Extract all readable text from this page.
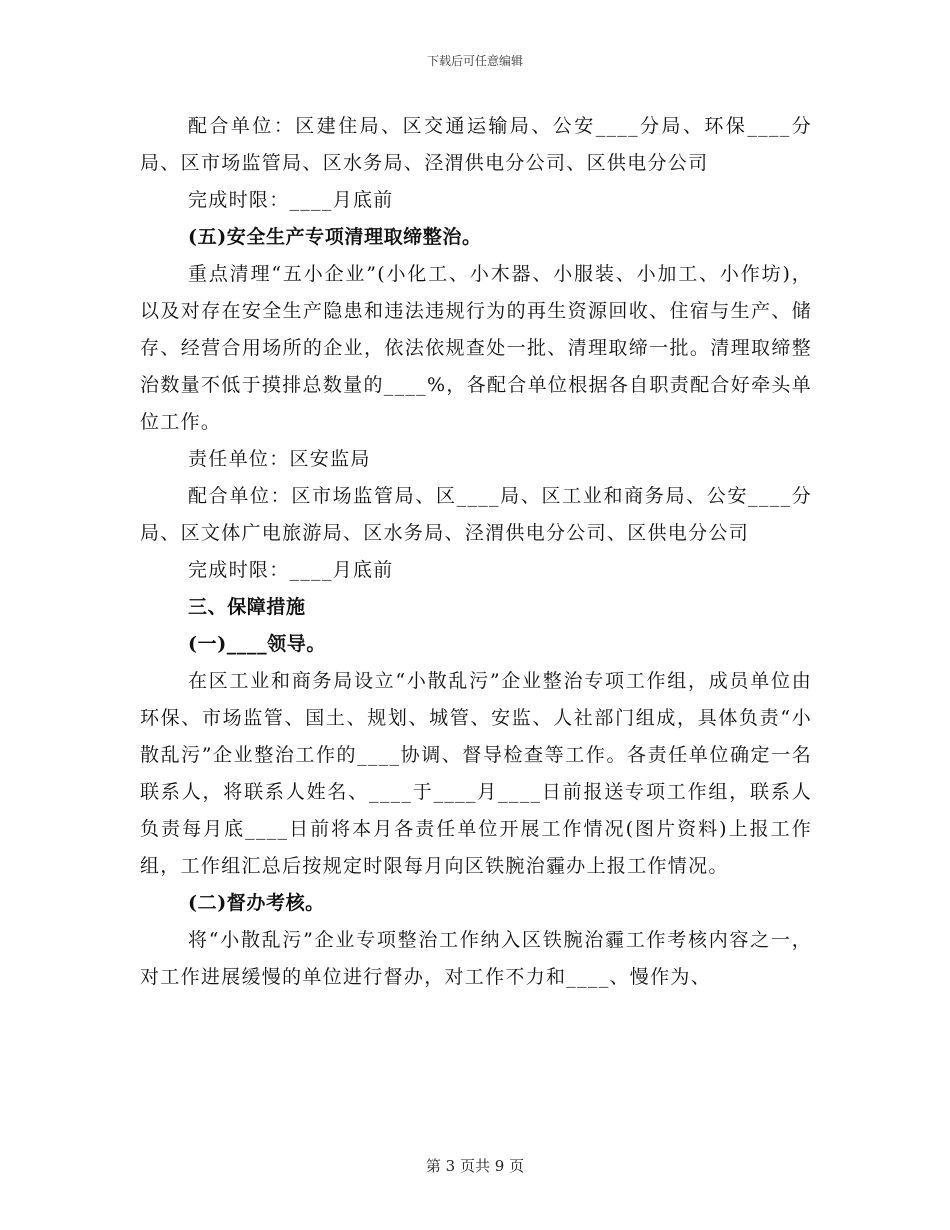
下载后可任意编辑

配合单位：区建住局、区交通运输局、公安____分局、环保____分局、区市场监管局、区水务局、泾渭供电分公司、区供电分公司

完成时限：____月底前

(五)安全生产专项清理取缔整治。

重点清理“五小企业”(小化工、小木器、小服装、小加工、小作坊)，以及对存在安全生产隐患和违法违规行为的再生资源回收、住宿与生产、储存、经营合用场所的企业，依法依规查处一批、清理取缔一批。清理取缔整治数量不低于摸排总数量的____%，各配合单位根据各自职责配合好牵头单位工作。

责任单位：区安监局

配合单位：区市场监管局、区____局、区工业和商务局、公安____分局、区文体广电旅游局、区水务局、泾渭供电分公司、区供电分公司

完成时限：____月底前

三、保障措施

(一)____领导。

在区工业和商务局设立“小散乱污”企业整治专项工作组，成员单位由环保、市场监管、国土、规划、城管、安监、人社部门组成，具体负责“小散乱污”企业整治工作的____协调、督导检查等工作。各责任单位确定一名联系人，将联系人姓名、____于____月____日前报送专项工作组，联系人负责每月底____日前将本月各责任单位开展工作情况(图片资料)上报工作组，工作组汇总后按规定时限每月向区铁腕治霾办上报工作情况。

(二)督办考核。

将“小散乱污”企业专项整治工作纳入区铁腕治霾工作考核内容之一，对工作进展缓慢的单位进行督办，对工作不力和____、慢作为、

第 3 页共 9 页
